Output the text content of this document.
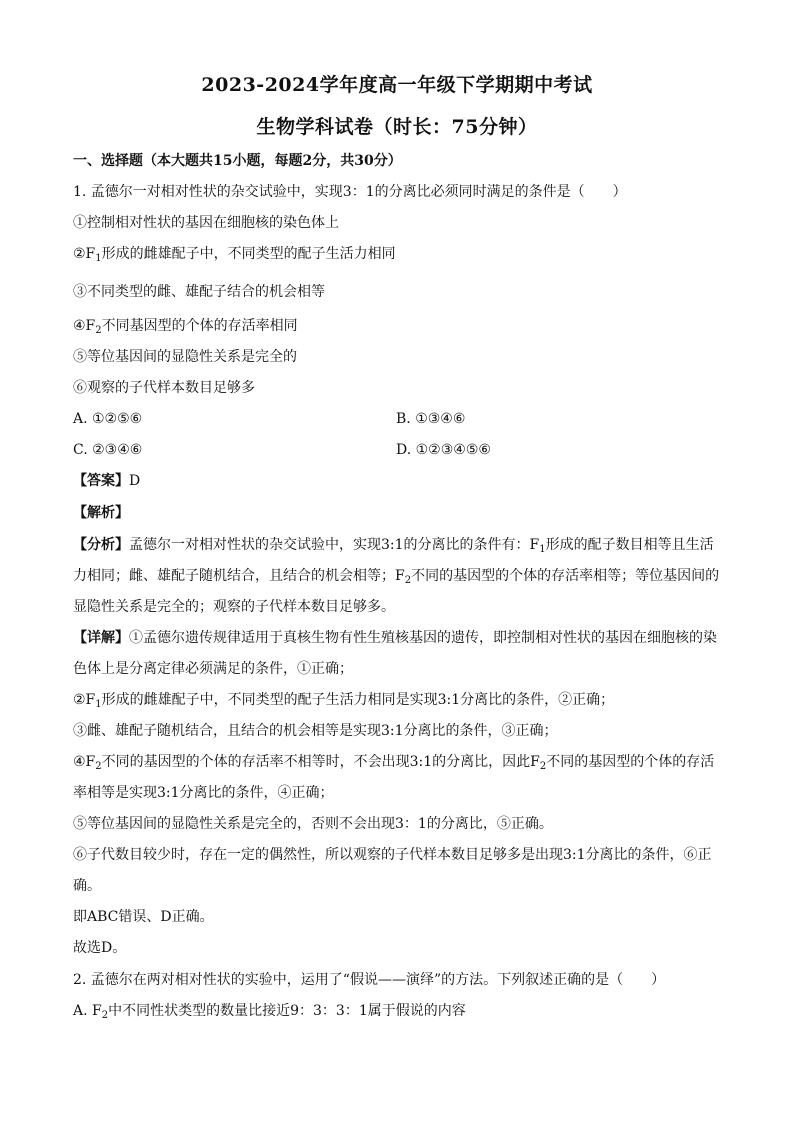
2023-2024学年度高一年级下学期期中考试
生物学科试卷（时长：75分钟）
一、选择题（本大题共15小题，每题2分，共30分）
1. 孟德尔一对相对性状的杂交试验中，实现3：1的分离比必须同时满足的条件是（　　）
①控制相对性状的基因在细胞核的染色体上
$②F_1$形成的雌雄配子中，不同类型的配子生活力相同
③不同类型的雌、雄配子结合的机会相等
$④F_2$不同基因型的个体的存活率相同
⑤等位基因间的显隐性关系是完全的
⑥观察的子代样本数目足够多
A. ①②⑤⑥	B. ①③④⑥
C. ②③④⑥	D. ①②③④⑤⑥
【答案】D
【解析】
【分析】孟德尔一对相对性状的杂交试验中，实现3:1的分离比的条件有：$F_1$形成的配子数目相等且生活
力相同；雌、雄配子随机结合，且结合的机会相等；$F_2$不同的基因型的个体的存活率相等；等位基因间的
显隐性关系是完全的；观察的子代样本数目足够多。
【详解】①孟德尔遗传规律适用于真核生物有性生殖核基因的遗传，即控制相对性状的基因在细胞核的染
色体上是分离定律必须满足的条件，①正确；
$②F_1$形成的雌雄配子中，不同类型的配子生活力相同是实现3:1分离比的条件，②正确；
③雌、雄配子随机结合，且结合的机会相等是实现3:1分离比的条件，③正确；
$④F_2$不同的基因型的个体的存活率不相等时，不会出现3:1的分离比，因此$F_2$不同的基因型的个体的存活
率相等是实现3:1分离比的条件，④正确；
⑤等位基因间的显隐性关系是完全的，否则不会出现3：1的分离比，⑤正确。
⑥子代数目较少时，存在一定的偶然性，所以观察的子代样本数目足够多是出现3:1分离比的条件，⑥正
确。
即ABC错误、D正确。
故选D。
2. 孟德尔在两对相对性状的实验中，运用了“假说——演绎”的方法。下列叙述正确的是（　　）
A. $F_2$中不同性状类型的数量比接近9：3：3：1属于假说的内容
